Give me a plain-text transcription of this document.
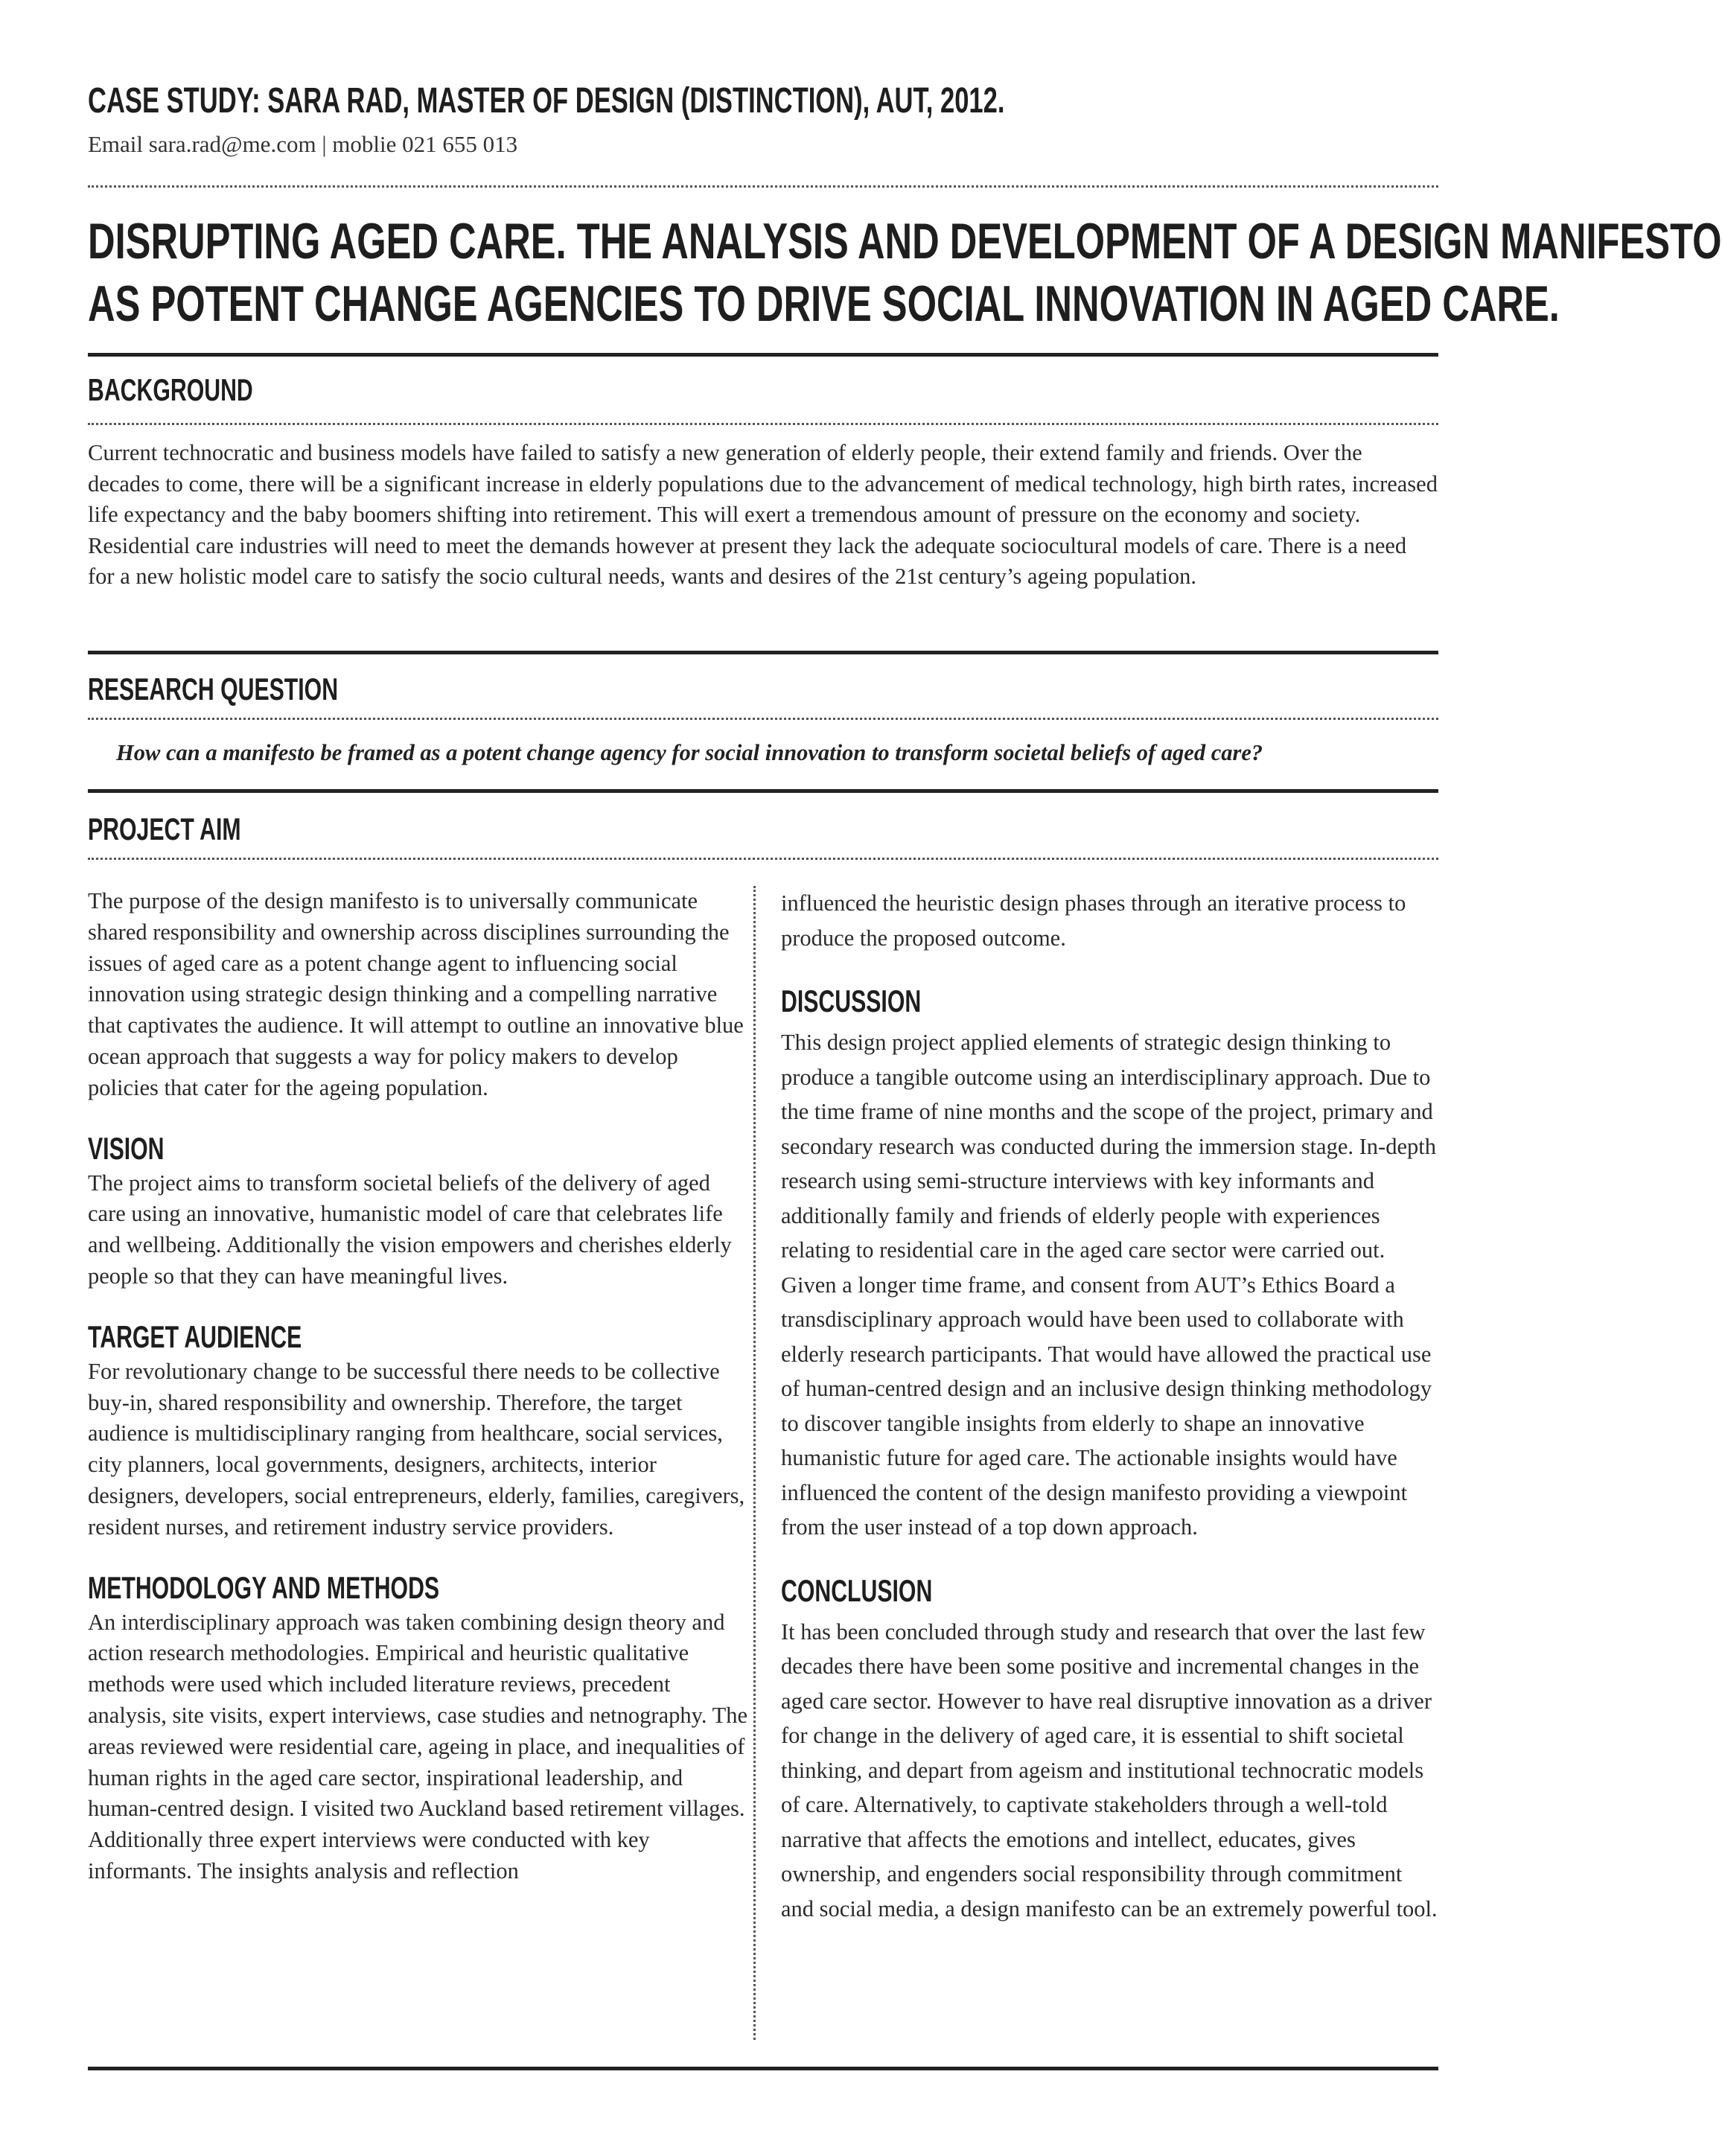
CASE STUDY: SARA RAD, MASTER OF DESIGN (DISTINCTION), AUT, 2012.
Email sara.rad@me.com | moblie 021 655 013
DISRUPTING AGED CARE. THE ANALYSIS AND DEVELOPMENT OF A DESIGN MANIFESTO
AS POTENT CHANGE AGENCIES TO DRIVE SOCIAL INNOVATION IN AGED CARE.
BACKGROUND
Current technocratic and business models have failed to satisfy a new generation of elderly people, their extend family and friends. Over the decades to come, there will be a significant increase in elderly populations due to the advancement of medical technology, high birth rates, increased life expectancy and the baby boomers shifting into retirement. This will exert a tremendous amount of pressure on the economy and society. Residential care industries will need to meet the demands however at present they lack the adequate sociocultural models of care. There is a need for a new holistic model care to satisfy the socio cultural needs, wants and desires of the 21st century’s ageing population.
RESEARCH QUESTION
How can a manifesto be framed as a potent change agency for social innovation to transform societal beliefs of aged care?
PROJECT AIM

The purpose of the design manifesto is to universally communicate shared responsibility and ownership across disciplines surrounding the issues of aged care as a potent change agent to influencing social innovation using strategic design thinking and a compelling narrative that captivates the audience. It will attempt to outline an innovative blue ocean approach that suggests a way for policy makers to develop policies that cater for the ageing population.

VISION

The project aims to transform societal beliefs of the delivery of aged care using an innovative, humanistic model of care that celebrates life and wellbeing. Additionally the vision empowers and cherishes elderly people so that they can have meaningful lives.

TARGET AUDIENCE

For revolutionary change to be successful there needs to be collective buy-in, shared responsibility and ownership. Therefore, the target audience is multidisciplinary ranging from healthcare, social services, city planners, local governments, designers, architects, interior designers, developers, social entrepreneurs, elderly, families, caregivers, resident nurses, and retirement industry service providers.

METHODOLOGY AND METHODS

An interdisciplinary approach was taken combining design theory and action research methodologies. Empirical and heuristic qualitative methods were used which included literature reviews, precedent analysis, site visits, expert interviews, case studies and netnography. The areas reviewed were residential care, ageing in place, and inequalities of human rights in the aged care sector, inspirational leadership, and human-centred design. I visited two Auckland based retirement villages. Additionally three expert interviews were conducted with key informants. The insights analysis and reflection

influenced the heuristic design phases through an iterative process to produce the proposed outcome.

DISCUSSION

This design project applied elements of strategic design thinking to produce a tangible outcome using an interdisciplinary approach. Due to the time frame of nine months and the scope of the project, primary and secondary research was conducted during the immersion stage. In-depth research using semi-structure interviews with key informants and additionally family and friends of elderly people with experiences relating to residential care in the aged care sector were carried out. Given a longer time frame, and consent from AUT’s Ethics Board a transdisciplinary approach would have been used to collaborate with elderly research participants. That would have allowed the practical use of human-centred design and an inclusive design thinking methodology to discover tangible insights from elderly to shape an innovative humanistic future for aged care. The actionable insights would have influenced the content of the design manifesto providing a viewpoint from the user instead of a top down approach.

CONCLUSION

It has been concluded through study and research that over the last few decades there have been some positive and incremental changes in the aged care sector. However to have real disruptive innovation as a driver for change in the delivery of aged care, it is essential to shift societal thinking, and depart from ageism and institutional technocratic models of care. Alternatively, to captivate stakeholders through a well-told narrative that affects the emotions and intellect, educates, gives ownership, and engenders social responsibility through commitment and social media, a design manifesto can be an extremely powerful tool.
